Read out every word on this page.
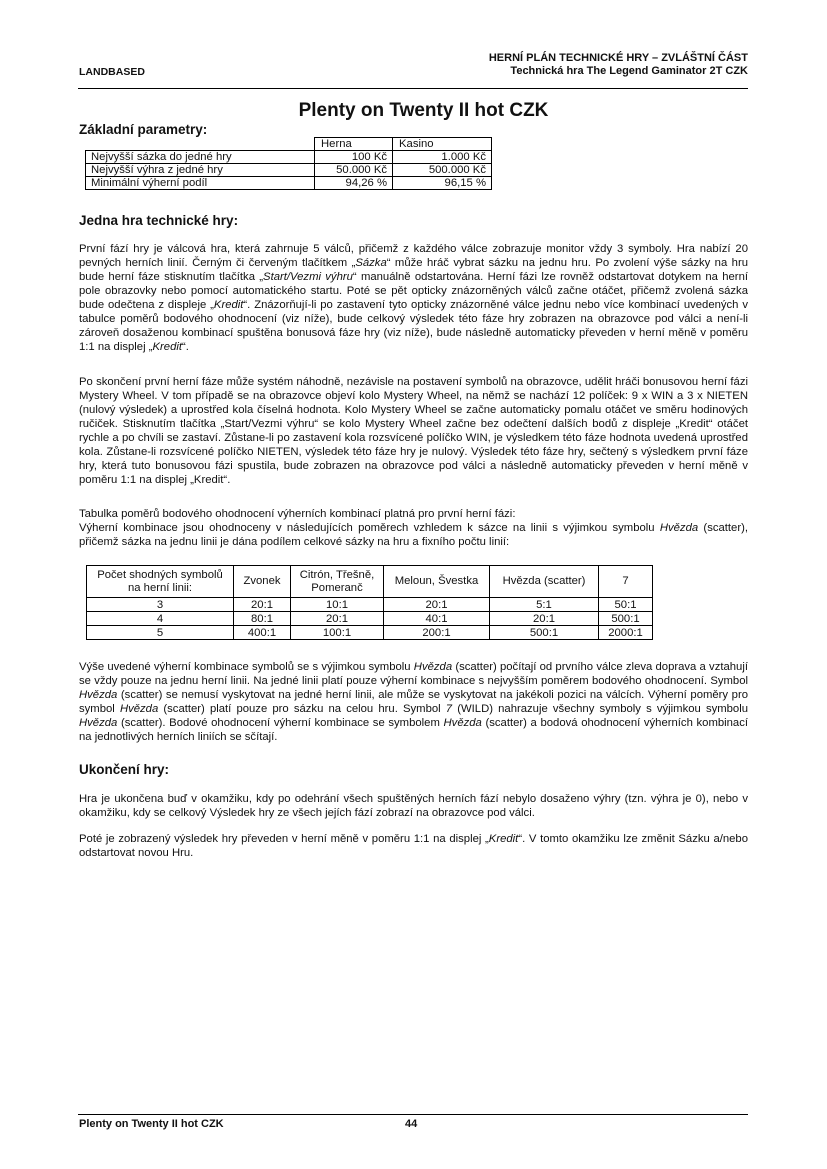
LANDBASED
HERNÍ PLÁN TECHNICKÉ HRY – ZVLÁŠTNÍ ČÁST
Technická hra The Legend Gaminator 2T CZK
Plenty on Twenty II hot CZK
Základní parametry:
	Herna	Kasino
Nejvyšší sázka do jedné hry	100 Kč	1.000 Kč
Nejvyšší výhra z jedné hry	50.000 Kč	500.000 Kč
Minimální výherní podíl	94,26 %	96,15 %
Jedna hra technické hry:
První fází hry je válcová hra, která zahrnuje 5 válců, přičemž z každého válce zobrazuje monitor vždy 3 symboly. Hra nabízí 20 pevných herních linií. Černým či červeným tlačítkem „Sázka“ může hráč vybrat sázku na jednu hru. Po zvolení výše sázky na hru bude herní fáze stisknutím tlačítka „Start/Vezmi výhru“ manuálně odstartována. Herní fázi lze rovněž odstartovat dotykem na herní pole obrazovky nebo pomocí automatického startu. Poté se pět opticky znázorněných válců začne otáčet, přičemž zvolená sázka bude odečtena z displeje „Kredit“. Znázorňují-li po zastavení tyto opticky znázorněné válce jednu nebo více kombinací uvedených v tabulce poměrů bodového ohodnocení (viz níže), bude celkový výsledek této fáze hry zobrazen na obrazovce pod válci a není-li zároveň dosaženou kombinací spuštěna bonusová fáze hry (viz níže), bude následně automaticky převeden v herní měně v poměru 1:1 na displej „Kredit“.
Po skončení první herní fáze může systém náhodně, nezávisle na postavení symbolů na obrazovce, udělit hráči bonusovou herní fázi Mystery Wheel. V tom případě se na obrazovce objeví kolo Mystery Wheel, na němž se nachází 12 políček: 9 x WIN a 3 x NIETEN (nulový výsledek) a uprostřed kola číselná hodnota. Kolo Mystery Wheel se začne automaticky pomalu otáčet ve směru hodinových ručiček. Stisknutím tlačítka „Start/Vezmi výhru“ se kolo Mystery Wheel začne bez odečtení dalších bodů z displeje „Kredit“ otáčet rychle a po chvíli se zastaví. Zůstane-li po zastavení kola rozsvícené políčko WIN, je výsledkem této fáze hodnota uvedená uprostřed kola. Zůstane-li rozsvícené políčko NIETEN, výsledek této fáze hry je nulový. Výsledek této fáze hry, sečtený s výsledkem první fáze hry, která tuto bonusovou fázi spustila, bude zobrazen na obrazovce pod válci a následně automaticky převeden v herní měně v poměru 1:1 na displej „Kredit“.
Tabulka poměrů bodového ohodnocení výherních kombinací platná pro první herní fázi:
Výherní kombinace jsou ohodnoceny v následujících poměrech vzhledem k sázce na linii s výjimkou symbolu Hvězda (scatter), přičemž sázka na jednu linii je dána podílem celkové sázky na hru a fixního počtu linií:
Počet shodných symbolů na herní linii:	Zvonek	Citrón, Třešně, Pomeranč	Meloun, Švestka	Hvězda (scatter)	7
3	20:1	10:1	20:1	5:1	50:1
4	80:1	20:1	40:1	20:1	500:1
5	400:1	100:1	200:1	500:1	2000:1
Výše uvedené výherní kombinace symbolů se s výjimkou symbolu Hvězda (scatter) počítají od prvního válce zleva doprava a vztahují se vždy pouze na jednu herní linii. Na jedné linii platí pouze výherní kombinace s nejvyšším poměrem bodového ohodnocení. Symbol Hvězda (scatter) se nemusí vyskytovat na jedné herní linii, ale může se vyskytovat na jakékoli pozici na válcích. Výherní poměry pro symbol Hvězda (scatter) platí pouze pro sázku na celou hru. Symbol 7 (WILD) nahrazuje všechny symboly s výjimkou symbolu Hvězda (scatter). Bodové ohodnocení výherní kombinace se symbolem Hvězda (scatter) a bodová ohodnocení výherních kombinací na jednotlivých herních liniích se sčítají.
Ukončení hry:
Hra je ukončena buď v okamžiku, kdy po odehrání všech spuštěných herních fází nebylo dosaženo výhry (tzn. výhra je 0), nebo v okamžiku, kdy se celkový Výsledek hry ze všech jejích fází zobrazí na obrazovce pod válci.
Poté je zobrazený výsledek hry převeden v herní měně v poměru 1:1 na displej „Kredit“. V tomto okamžiku lze změnit Sázku a/nebo odstartovat novou Hru.
Plenty on Twenty II hot CZK	44
